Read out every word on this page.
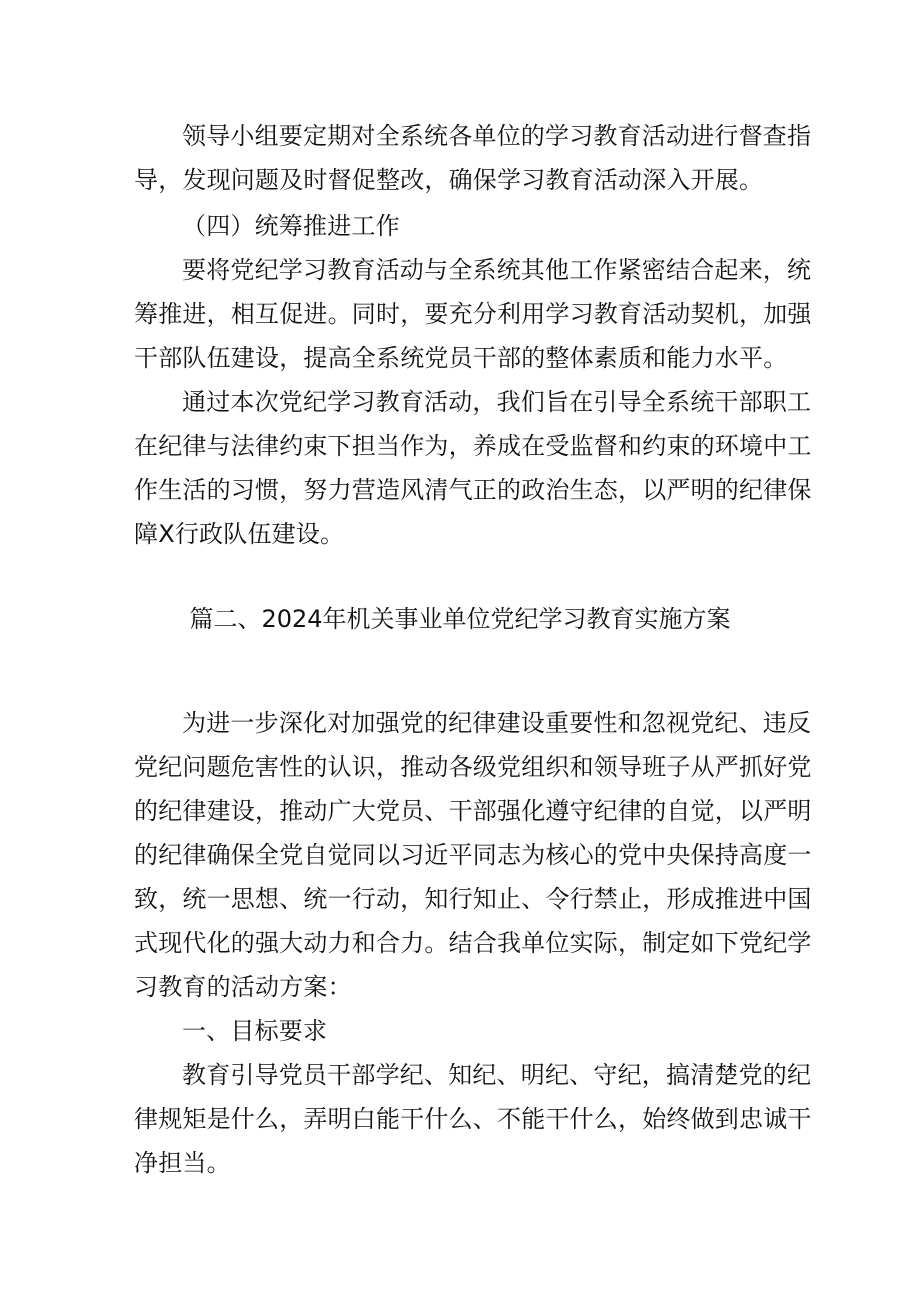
领导小组要定期对全系统各单位的学习教育活动进行督查指
导，发现问题及时督促整改，确保学习教育活动深入开展。
（四）统筹推进工作
要将党纪学习教育活动与全系统其他工作紧密结合起来，统
筹推进，相互促进。同时，要充分利用学习教育活动契机，加强
干部队伍建设，提高全系统党员干部的整体素质和能力水平。
通过本次党纪学习教育活动，我们旨在引导全系统干部职工
在纪律与法律约束下担当作为，养成在受监督和约束的环境中工
作生活的习惯，努力营造风清气正的政治生态，以严明的纪律保
障X行政队伍建设。
篇二、2024年机关事业单位党纪学习教育实施方案
为进一步深化对加强党的纪律建设重要性和忽视党纪、违反
党纪问题危害性的认识，推动各级党组织和领导班子从严抓好党
的纪律建设，推动广大党员、干部强化遵守纪律的自觉，以严明
的纪律确保全党自觉同以习近平同志为核心的党中央保持高度一
致，统一思想、统一行动，知行知止、令行禁止，形成推进中国
式现代化的强大动力和合力。结合我单位实际，制定如下党纪学
习教育的活动方案：
一、目标要求
教育引导党员干部学纪、知纪、明纪、守纪，搞清楚党的纪
律规矩是什么，弄明白能干什么、不能干什么，始终做到忠诚干
净担当。
